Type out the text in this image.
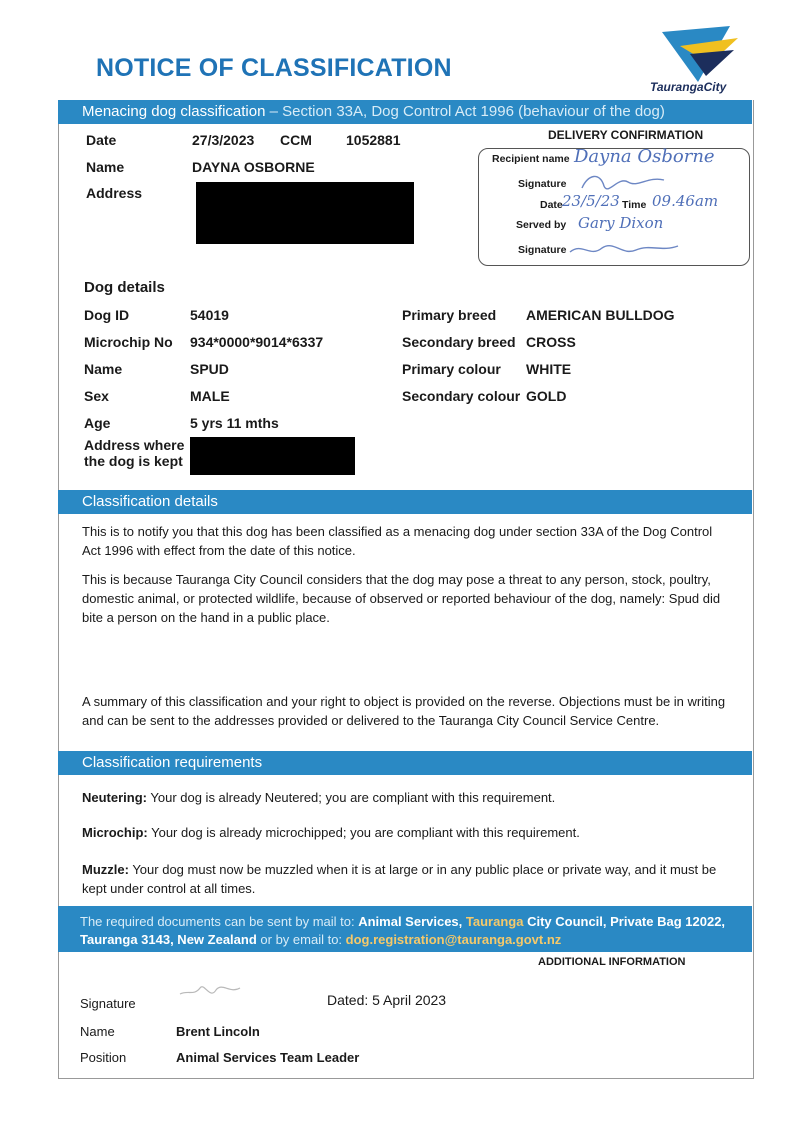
NOTICE OF CLASSIFICATION
TaurangaCity
Menacing dog classification – Section 33A, Dog Control Act 1996 (behaviour of the dog)
Date	27/3/2023 CCM 1052881
Name	DAYNA OSBORNE
Address
DELIVERY CONFIRMATION
Recipient name Dayna Osborne
Signature
Date 23/5/23 Time 09.46am
Served by Gary Dixon
Signature
Dog details
Dog ID	54019
Microchip No 934*0000*9014*6337
Name	SPUD
Sex	MALE
Age	5 yrs 11 mths
Address where
the dog is kept
Primary breed AMERICAN BULLDOG
Secondary breed CROSS
Primary colour WHITE
Secondary colour GOLD
Classification details
This is to notify you that this dog has been classified as a menacing dog under section 33A of the Dog Control Act 1996 with effect from the date of this notice.
This is because Tauranga City Council considers that the dog may pose a threat to any person, stock, poultry, domestic animal, or protected wildlife, because of observed or reported behaviour of the dog, namely: Spud did bite a person on the hand in a public place.
A summary of this classification and your right to object is provided on the reverse. Objections must be in writing and can be sent to the addresses provided or delivered to the Tauranga City Council Service Centre.
Classification requirements
Neutering: Your dog is already Neutered; you are compliant with this requirement.
Microchip: Your dog is already microchipped; you are compliant with this requirement.
Muzzle: Your dog must now be muzzled when it is at large or in any public place or private way, and it must be kept under control at all times.
The required documents can be sent by mail to: Animal Services, Tauranga City Council, Private Bag 12022, Tauranga 3143, New Zealand or by email to: dog.registration@tauranga.govt.nz
ADDITIONAL INFORMATION
Signature	Dated: 5 April 2023
Name	Brent Lincoln
Position	Animal Services Team Leader
